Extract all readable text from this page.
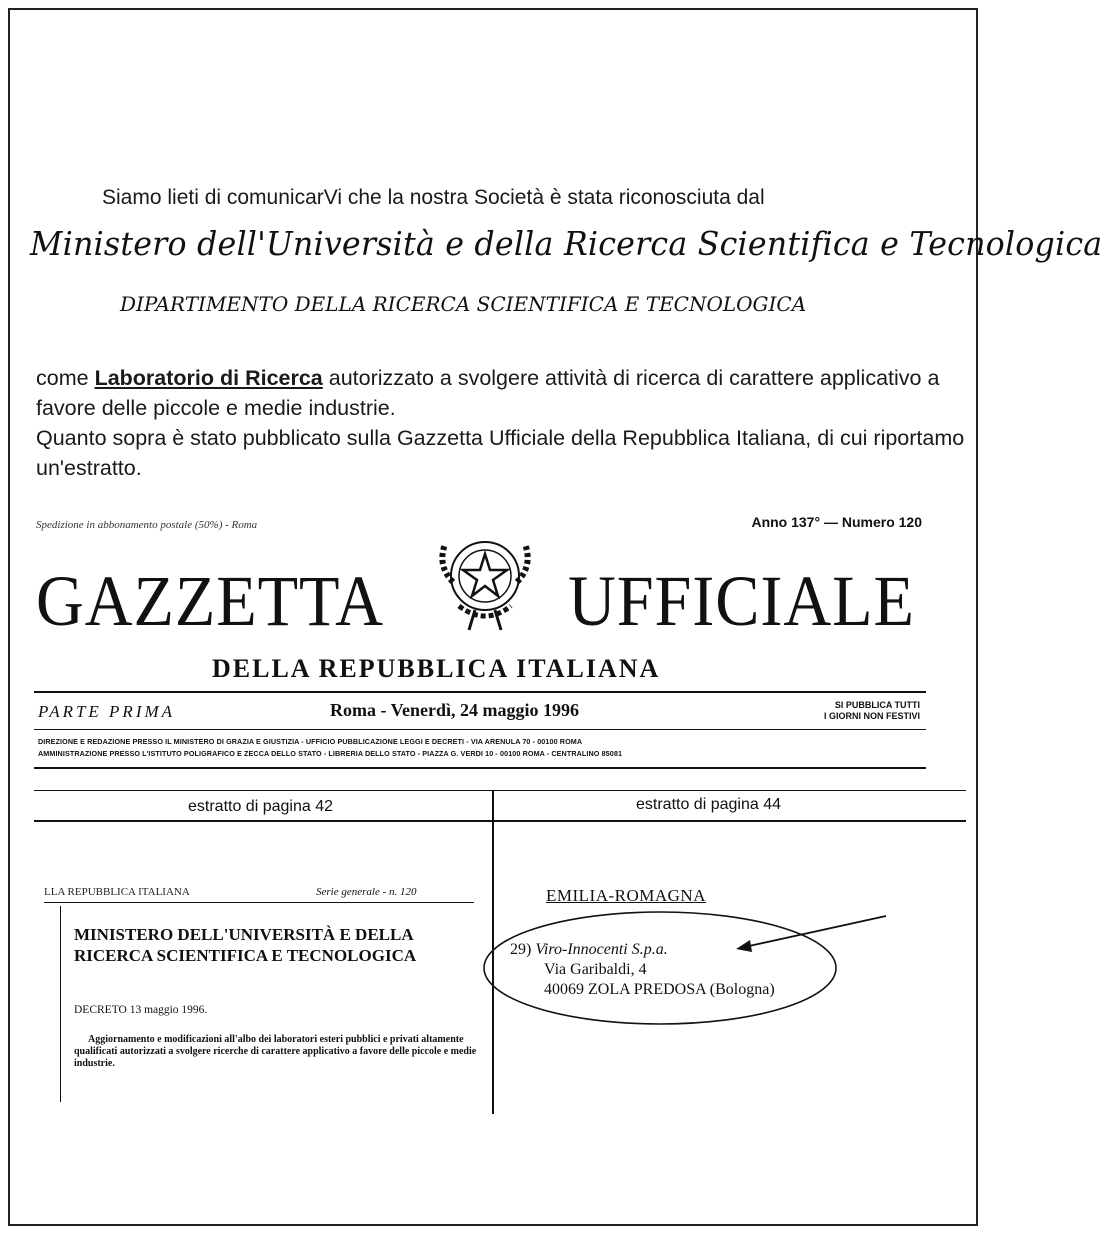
Siamo lieti di comunicarVi che la nostra Società è stata riconosciuta dal
Ministero dell'Università e della Ricerca Scientifica e Tecnologica
DIPARTIMENTO DELLA RICERCA SCIENTIFICA E TECNOLOGICA
come Laboratorio di Ricerca autorizzato a svolgere attività di ricerca di carattere applicativo a favore delle piccole e medie industrie.
Quanto sopra è stato pubblicato sulla Gazzetta Ufficiale della Repubblica Italiana, di cui riportamo un'estratto.
Spedizione in abbonamento postale (50%) - Roma	Anno 137° — Numero 120
GAZZETTA	UFFICIALE
DELLA REPUBBLICA ITALIANA
PARTE PRIMA	Roma - Venerdì, 24 maggio 1996	SI PUBBLICA TUTTI
I GIORNI NON FESTIVI
DIREZIONE E REDAZIONE PRESSO IL MINISTERO DI GRAZIA E GIUSTIZIA - UFFICIO PUBBLICAZIONE LEGGI E DECRETI - VIA ARENULA 70 - 00100 ROMA
AMMINISTRAZIONE PRESSO L'ISTITUTO POLIGRAFICO E ZECCA DELLO STATO - LIBRERIA DELLO STATO - PIAZZA G. VERDI 10 - 00100 ROMA - CENTRALINO 85081
estratto di pagina 42	estratto di pagina 44
LLA REPUBBLICA ITALIANA	Serie generale - n. 120
MINISTERO DELL'UNIVERSITÀ E DELLA
RICERCA SCIENTIFICA E TECNOLOGICA
DECRETO 13 maggio 1996.
Aggiornamento e modificazioni all'albo dei laboratori esteri pubblici e privati altamente qualificati autorizzati a svolgere ricerche di carattere applicativo a favore delle piccole e medie industrie.
EMILIA-ROMAGNA
29) Viro-Innocenti S.p.a.
Via Garibaldi, 4
40069 ZOLA PREDOSA (Bologna)
